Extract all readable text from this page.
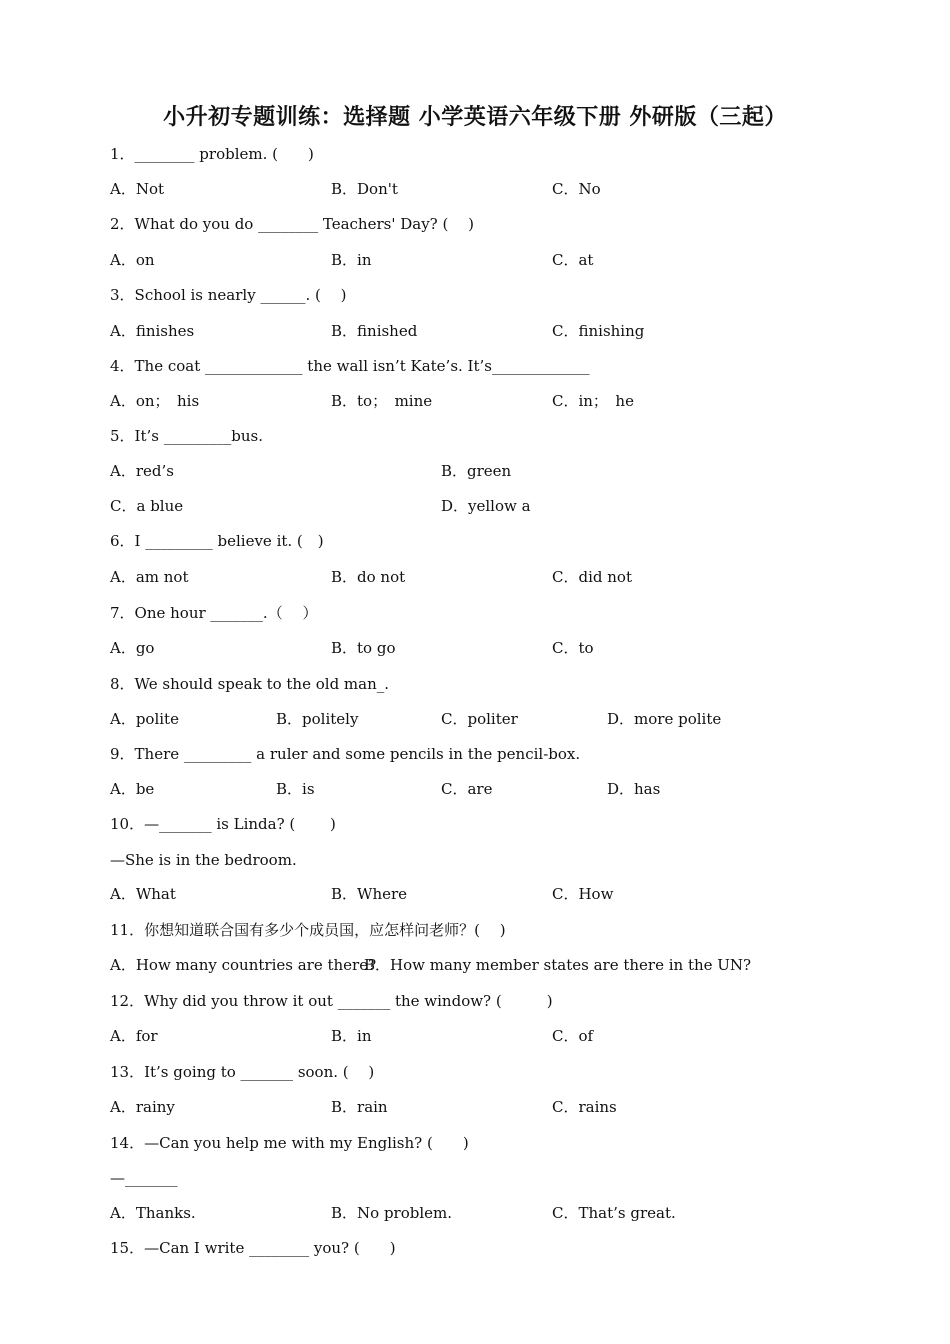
小升初专题训练：选择题 小学英语六年级下册 外研版（三起）
1．________ problem. (　　)
A．Not	B．Don't	C．No
2．What do you do ________ Teachers' Day? (　 )
A．on	B．in	C．at
3．School is nearly ______. (　 )
A．finishes	B．finished	C．finishing
4．The coat _____________ the wall isn’t Kate’s. It’s_____________
A．on；　his	B．to；　mine	C．in；　he
5．It’s _________bus.
A．red’s	B．green
C．a blue	D．yellow a
6．I _________ believe it. (　)
A．am not	B．do not	C．did not
7．One hour _______.（　 ）
A．go	B．to go	C．to
8．We should speak to the old man_.
A．polite	B．politely	C．politer	D．more polite
9．There _________ a ruler and some pencils in the pencil-box.
A．be	B．is	C．are	D．has
10．—_______ is Linda? (　　 )
—She is in the bedroom.
A．What	B．Where	C．How
11．你想知道联合国有多少个成员国，应怎样问老师？(　 )
A．How many countries are there?
B．How many member states are there in the UN?
12．Why did you throw it out _______ the window? (　　　)
A．for	B．in	C．of
13．It’s going to _______ soon. (　 )
A．rainy	B．rain	C．rains
14．—Can you help me with my English? (　　)
—_______
A．Thanks.	B．No problem.	C．That’s great.
15．—Can I write ________ you? (　　)
